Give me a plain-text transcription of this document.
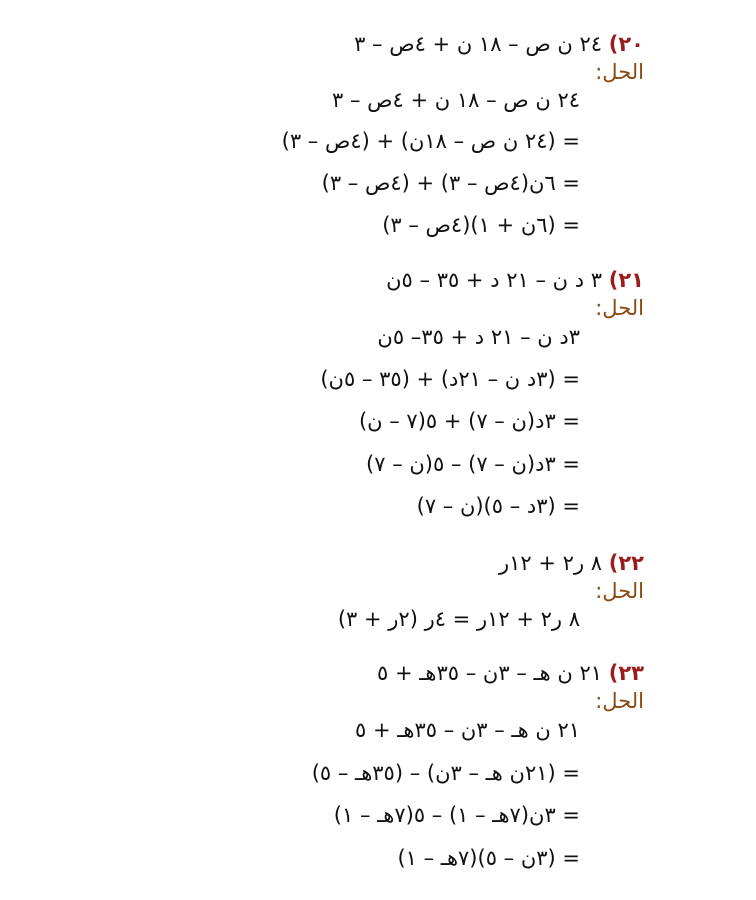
٢٠) ٢٤ ن ص – ١٨ ن + ٤ص – ٣
الحل:
٢٤ ن ص – ١٨ ن + ٤ص – ٣
= (٢٤ ن ص – ١٨ن) + (٤ص – ٣)
= ٦ن(٤ص – ٣) + (٤ص – ٣)
= (٦ن + ١)(٤ص – ٣)
٢١) ٣ د ن – ٢١ د + ٣٥ – ٥ن
الحل:
٣د ن – ٢١ د + ٣٥– ٥ن
= (٣د ن – ٢١د) + (٣٥ – ٥ن)
= ٣د(ن – ٧) + ٥(٧ – ن)
= ٣د(ن – ٧) – ٥(ن – ٧)
= (٣د – ٥)(ن – ٧)
٢٢) ٨ ر٢ + ١٢ر
الحل:
٨ ر٢ + ١٢ر = ٤ر (٢ر + ٣)
٢٣) ٢١ ن هـ – ٣ن – ٣٥هـ + ٥
الحل:
٢١ ن هـ – ٣ن – ٣٥هـ + ٥
= (٢١ن هـ – ٣ن) – (٣٥هـ – ٥)
= ٣ن(٧هـ – ١) – ٥(٧هـ – ١)
= (٣ن – ٥)(٧هـ – ١)
